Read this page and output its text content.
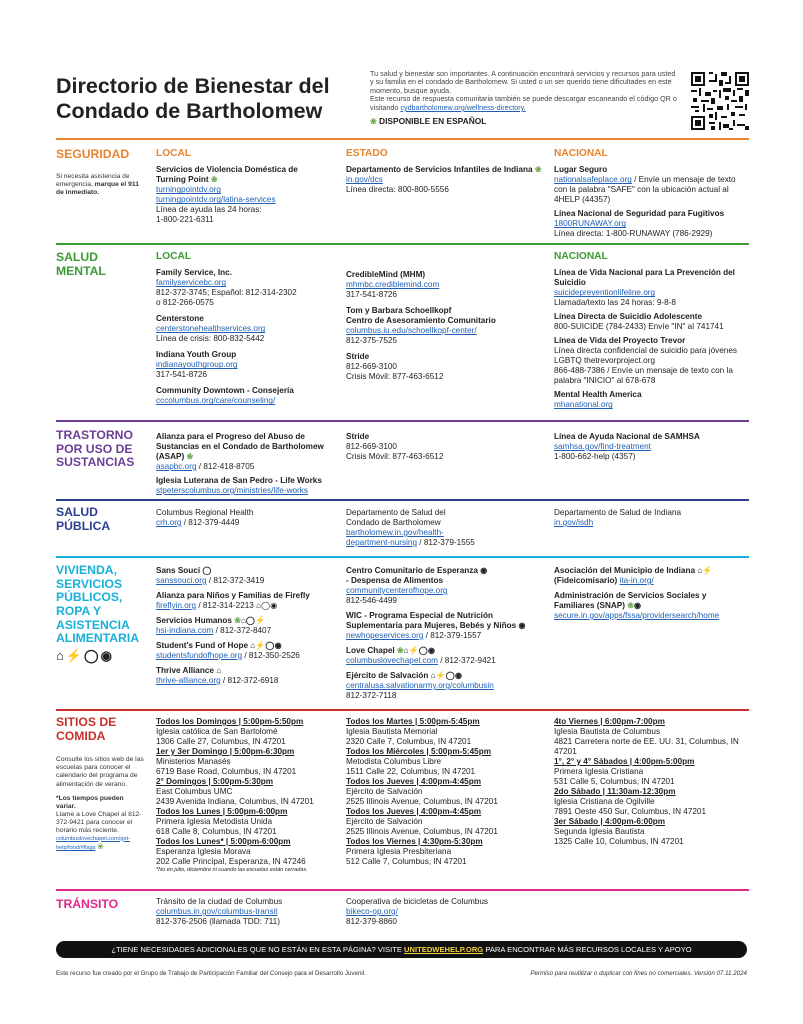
Directorio de Bienestar del
Condado de Bartholomew
Tu salud y bienestar son importantes. A continuación encontrará servicios y recursos para usted y su familia en el condado de Bartholomew. Si usted o un ser querido tiene dificultades en este momento, busque ayuda.
Este recurso de respuesta comunitaria también se puede descargar escaneando el código QR o visitando cydbartholomew.org/wellness-directory.
❀ DISPONIBLE EN ESPAÑOL
SEGURIDAD
Si necesita asistencia de emergencia, marque el 911 de inmediato.
LOCAL
Servicios de Violencia Doméstica de Turning Point ❀
turningpointdv.org
turningpointdv.org/latina-services
Línea de ayuda las 24 horas:
1-800-221-6311
ESTADO
Departamento de Servicios Infantiles de Indiana ❀
in.gov/dcs
Línea directa: 800-800-5556
NACIONAL
Lugar Seguro
nationalsafeplace.org / Envíe un mensaje de texto con la palabra "SAFE" con la ubicación actual al 4HELP (44357)
Línea Nacional de Seguridad para Fugitivos
1800RUNAWAY.org
Línea directa: 1-800-RUNAWAY (786-2929)
SALUD
MENTAL
LOCAL
Family Service, Inc.
familyservicebc.org
812-372-3745; Español: 812-314-2302
o 812-266-0575
Centerstone
centerstonehealthservices.org
Línea de crisis: 800-832-5442
Indiana Youth Group
indianayouthgroup.org
317-541-8726
Community Downtown - Consejería
cccolumbus.org/care/counseling/
CredibleMind (MHM)
mhmbc.crediblemind.com
317-541-8726
Tom y Barbara Schoellkopf
Centro de Asesoramiento Comunitario
columbus.iu.edu/schoellkopf-center/
812-375-7525
Stride
812-669-3100
Crisis Móvil: 877-463-6512
NACIONAL
Línea de Vida Nacional para La Prevención del Suicidio
suicidepreventionlifeline.org
Llamada/texto las 24 horas: 9-8-8
Línea Directa de Suicidio Adolescente
800-SUICIDE (784-2433) Envíe "IN" al 741741
Línea de Vida del Proyecto Trevor
Línea directa confidencial de suicidio para jóvenes LGBTQ thetrevorproject.org
866-488-7386 / Envíe un mensaje de texto con la palabra "INICIO" al 678-678
Mental Health America
mhanational.org
TRASTORNO
POR USO DE
SUSTANCIAS
Alianza para el Progreso del Abuso de Sustancias en el Condado de Bartholomew (ASAP) ❀
asapbc.org / 812-418-8705
Iglesia Luterana de San Pedro - Life Works
stpeterscolumbus.org/ministries/life-works
Stride
812-669-3100
Crisis Móvil: 877-463-6512
Línea de Ayuda Nacional de SAMHSA
samhsa.gov/find-treatment
1-800-662-help (4357)
SALUD
PÚBLICA
Columbus Regional Health
crh.org / 812-379-4449
Departamento de Salud del
Condado de Bartholomew
bartholomew.in.gov/health-
department-nursing / 812-379-1555
Departamento de Salud de Indiana
in.gov/isdh
VIVIENDA,
SERVICIOS
PÚBLICOS,
ROPA Y
ASISTENCIA
ALIMENTARIA
⌂⚡◯◉
Sans Souci ◯
sanssouci.org / 812-372-3419
Alianza para Niños y Familias de Firefly
fireflyin.org / 812-314-2213 ⌂◯◉
Servicios Humanos ❀⌂◯⚡
hsi-indiana.com / 812-372-8407
Student's Fund of Hope ⌂⚡◯◉
studentsfundofhope.org / 812-350-2526
Thrive Alliance ⌂
thrive-alliance.org / 812-372-6918
Centro Comunitario de Esperanza ◉
- Despensa de Alimentos
communitycenterofhope.org
812-546-4499
WIC - Programa Especial de Nutrición Suplementaria para Mujeres, Bebés y Niños ◉
newhopeservices.org / 812-379-1557
Love Chapel ❀⌂⚡◯◉
columbuslovechapel.com / 812-372-9421
Ejército de Salvación ⌂⚡◯◉
centralusa.salvationarmy.org/columbusin
812-372-7118
Asociación del Municipio de Indiana ⌂⚡
(Fideicomisario) ita-in.org/
Administración de Servicios Sociales y Familiares (SNAP) ❀◉
secure.in.gov/apps/fssa/providersearch/home
SITIOS DE
COMIDA
Consulte los sitios web de las escuelas para conocer el calendario del programa de alimentación de verano.
*Los tiempos pueden variar.
Llame a Love Chapel al 812-372-9421 para conocer el horario más reciente.
columbuslovechapel.com/get-help/food/#flags ❀
Todos los Domingos | 5:00pm-5:50pm
Iglesia católica de San Bartolomé
1306 Calle 27, Columbus, IN 47201
1er y 3er Domingo | 5:00pm-6:30pm
Ministerios Manasés
6719 Base Road, Columbus, IN 47201
2° Domingos | 5:00pm-5:30pm
East Columbus UMC
2439 Avenida Indiana, Columbus, IN 47201
Todos los Lunes | 5:00pm-6:00pm
Primera Iglesia Metodista Unida
618 Calle 8, Columbus, IN 47201
Todos los Lunes* | 5:00pm-6:00pm
Esperanza Iglesia Morava
202 Calle Principal, Esperanza, IN 47246
*No en julio, diciembre ni cuando las escuelas están cerradas.
Todos los Martes | 5:00pm-5:45pm
Iglesia Bautista Memorial
2320 Calle 7, Columbus, IN 47201
Todos los Miércoles | 5:00pm-5:45pm
Metodista Columbus Libre
1511 Calle 22, Columbus, IN 47201
Todos los Jueves | 4:00pm-4:45pm
Ejército de Salvación
2525 Illinois Avenue, Columbus, IN 47201
Todos los Jueves | 4:00pm-4:45pm
Ejército de Salvación
2525 Illinois Avenue, Columbus, IN 47201
Todos los Viernes | 4:30pm-5:30pm
Primera Iglesia Presbiteriana
512 Calle 7, Columbus, IN 47201
4to Viernes | 6:00pm-7:00pm
Iglesia Bautista de Columbus
4821 Carretera norte de EE. UU. 31, Columbus, IN 47201
1°, 2° y 4° Sábados | 4:00pm-5:00pm
Primera Iglesia Cristiana
531 Calle 5, Columbus, IN 47201
2do Sábado | 11:30am-12:30pm
Iglesia Cristiana de Ogilville
7891 Oeste 450 Sur, Columbus, IN 47201
3er Sábado | 4:00pm-6:00pm
Segunda Iglesia Bautista
1325 Calle 10, Columbus, IN 47201
TRÁNSITO	Tránsito de la ciudad de Columbus
columbus.in.gov/columbus-transit
812-376-2506 (llamada TDD: 711)
Cooperativa de bicicletas de Columbus
bikeco-op.org/
812-379-8860
¿TIENE NECESIDADES ADICIONALES QUE NO ESTÁN EN ESTA PÁGINA? VISITE UNITEDWEHELP.ORG PARA ENCONTRAR MÁS RECURSOS LOCALES Y APOYO
Este recurso fue creado por el Grupo de Trabajo de Participación Familiar del Consejo para el Desarrollo Juvenil.	Permiso para reutilizar o duplicar con fines no comerciales. Versión 07.11.2024
